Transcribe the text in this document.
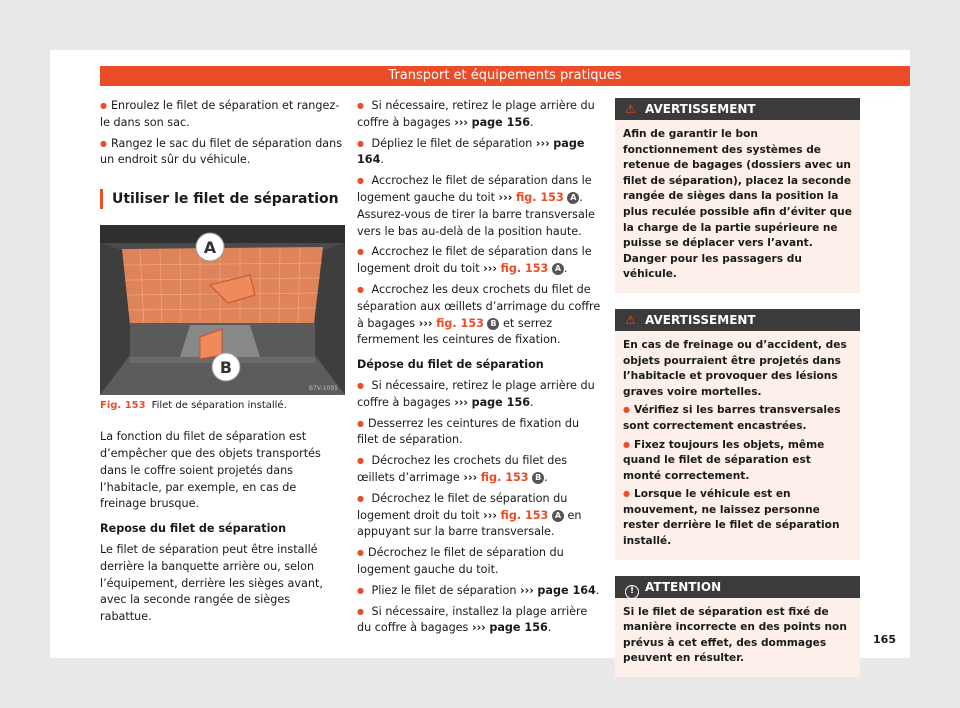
Transport et équipements pratiques
● Enroulez le filet de séparation et rangez-le dans son sac.
● Rangez le sac du filet de séparation dans un endroit sûr du véhicule.
Utiliser le filet de séparation
A
B
B7V-1095
Fig. 153 Filet de séparation installé.
La fonction du filet de séparation est d’empêcher que des objets transportés dans le coffre soient projetés dans l’habitacle, par exemple, en cas de freinage brusque.
Repose du filet de séparation
Le filet de séparation peut être installé derrière la banquette arrière ou, selon l’équipement, derrière les sièges avant, avec la seconde rangée de sièges rabattue.
● Si nécessaire, retirez le plage arrière du coffre à bagages ››› page 156.
● Dépliez le filet de séparation ››› page 164.
● Accrochez le filet de séparation dans le logement gauche du toit ››› fig. 153 A . Assurez-vous de tirer la barre transversale vers le bas au-delà de la position haute.
● Accrochez le filet de séparation dans le logement droit du toit ››› fig. 153 A .
● Accrochez les deux crochets du filet de séparation aux œillets d’arrimage du coffre à bagages ››› fig. 153 B et serrez fermement les ceintures de fixation.
Dépose du filet de séparation
● Si nécessaire, retirez le plage arrière du coffre à bagages ››› page 156.
● Desserrez les ceintures de fixation du filet de séparation.
● Décrochez les crochets du filet des œillets d’arrimage ››› fig. 153 B .
● Décrochez le filet de séparation du logement droit du toit ››› fig. 153 A en appuyant sur la barre transversale.
● Décrochez le filet de séparation du logement gauche du toit.
● Pliez le filet de séparation ››› page 164.
● Si nécessaire, installez la plage arrière du coffre à bagages ››› page 156.
⚠ AVERTISSEMENT
Afin de garantir le bon fonctionnement des systèmes de retenue de bagages (dossiers avec un filet de séparation), placez la seconde rangée de sièges dans la position la plus reculée possible afin d’éviter que la charge de la partie supérieure ne puisse se déplacer vers l’avant. Danger pour les passagers du véhicule.
⚠ AVERTISSEMENT
En cas de freinage ou d’accident, des objets pourraient être projetés dans l’habitacle et provoquer des lésions graves voire mortelles.
● Vérifiez si les barres transversales sont correctement encastrées.
● Fixez toujours les objets, même quand le filet de séparation est monté correctement.
● Lorsque le véhicule est en mouvement, ne laissez personne rester derrière le filet de séparation installé.
! ATTENTION
Si le filet de séparation est fixé de manière incorrecte en des points non prévus à cet effet, des dommages peuvent en résulter.
165
